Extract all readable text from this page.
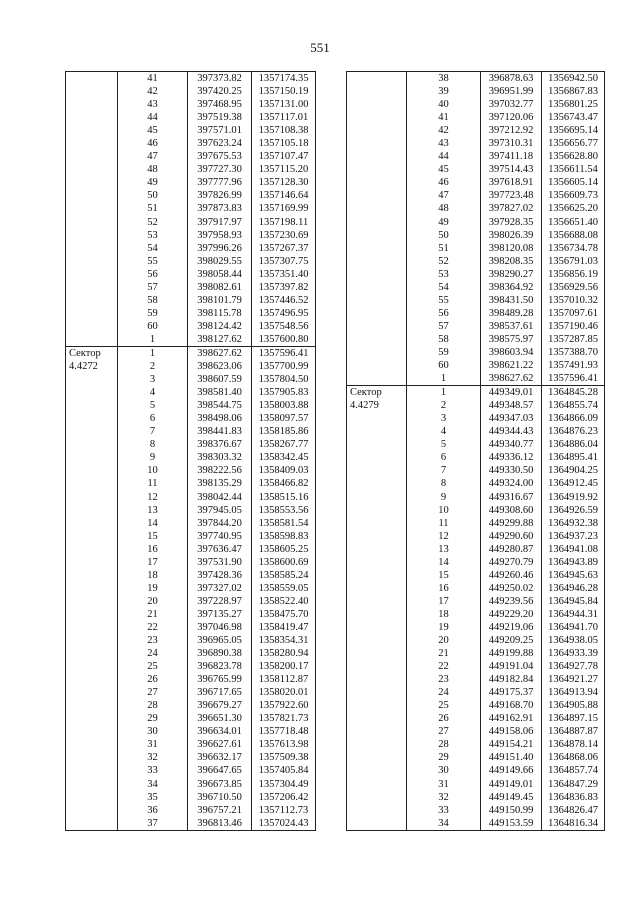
551
	41	397373.82	1357174.35
	42	397420.25	1357150.19
	43	397468.95	1357131.00
	44	397519.38	1357117.01
	45	397571.01	1357108.38
	46	397623.24	1357105.18
	47	397675.53	1357107.47
	48	397727.30	1357115.20
	49	397777.96	1357128.30
	50	397826.99	1357146.64
	51	397873.83	1357169.99
	52	397917.97	1357198.11
	53	397958.93	1357230.69
	54	397996.26	1357267.37
	55	398029.55	1357307.75
	56	398058.44	1357351.40
	57	398082.61	1357397.82
	58	398101.79	1357446.52
	59	398115.78	1357496.95
	60	398124.42	1357548.56
	1	398127.62	1357600.80
Сектор	1	398627.62	1357596.41
4.4272	2	398623.06	1357700.99
	3	398607.59	1357804.50
	4	398581.40	1357905.83
	5	398544.75	1358003.88
	6	398498.06	1358097.57
	7	398441.83	1358185.86
	8	398376.67	1358267.77
	9	398303.32	1358342.45
	10	398222.56	1358409.03
	11	398135.29	1358466.82
	12	398042.44	1358515.16
	13	397945.05	1358553.56
	14	397844.20	1358581.54
	15	397740.95	1358598.83
	16	397636.47	1358605.25
	17	397531.90	1358600.69
	18	397428.36	1358585.24
	19	397327.02	1358559.05
	20	397228.97	1358522.40
	21	397135.27	1358475.70
	22	397046.98	1358419.47
	23	396965.05	1358354.31
	24	396890.38	1358280.94
	25	396823.78	1358200.17
	26	396765.99	1358112.87
	27	396717.65	1358020.01
	28	396679.27	1357922.60
	29	396651.30	1357821.73
	30	396634.01	1357718.48
	31	396627.61	1357613.98
	32	396632.17	1357509.38
	33	396647.65	1357405.84
	34	396673.85	1357304.49
	35	396710.50	1357206.42
	36	396757.21	1357112.73
	37	396813.46	1357024.43
	38	396878.63	1356942.50
	39	396951.99	1356867.83
	40	397032.77	1356801.25
	41	397120.06	1356743.47
	42	397212.92	1356695.14
	43	397310.31	1356656.77
	44	397411.18	1356628.80
	45	397514.43	1356611.54
	46	397618.91	1356605.14
	47	397723.48	1356609.73
	48	397827.02	1356625.20
	49	397928.35	1356651.40
	50	398026.39	1356688.08
	51	398120.08	1356734.78
	52	398208.35	1356791.03
	53	398290.27	1356856.19
	54	398364.92	1356929.56
	55	398431.50	1357010.32
	56	398489.28	1357097.61
	57	398537.61	1357190.46
	58	398575.97	1357287.85
	59	398603.94	1357388.70
	60	398621.22	1357491.93
	1	398627.62	1357596.41
Сектор	1	449349.01	1364845.28
4.4279	2	449348.57	1364855.74
	3	449347.03	1364866.09
	4	449344.43	1364876.23
	5	449340.77	1364886.04
	6	449336.12	1364895.41
	7	449330.50	1364904.25
	8	449324.00	1364912.45
	9	449316.67	1364919.92
	10	449308.60	1364926.59
	11	449299.88	1364932.38
	12	449290.60	1364937.23
	13	449280.87	1364941.08
	14	449270.79	1364943.89
	15	449260.46	1364945.63
	16	449250.02	1364946.28
	17	449239.56	1364945.84
	18	449229.20	1364944.31
	19	449219.06	1364941.70
	20	449209.25	1364938.05
	21	449199.88	1364933.39
	22	449191.04	1364927.78
	23	449182.84	1364921.27
	24	449175.37	1364913.94
	25	449168.70	1364905.88
	26	449162.91	1364897.15
	27	449158.06	1364887.87
	28	449154.21	1364878.14
	29	449151.40	1364868.06
	30	449149.66	1364857.74
	31	449149.01	1364847.29
	32	449149.45	1364836.83
	33	449150.99	1364826.47
	34	449153.59	1364816.34
